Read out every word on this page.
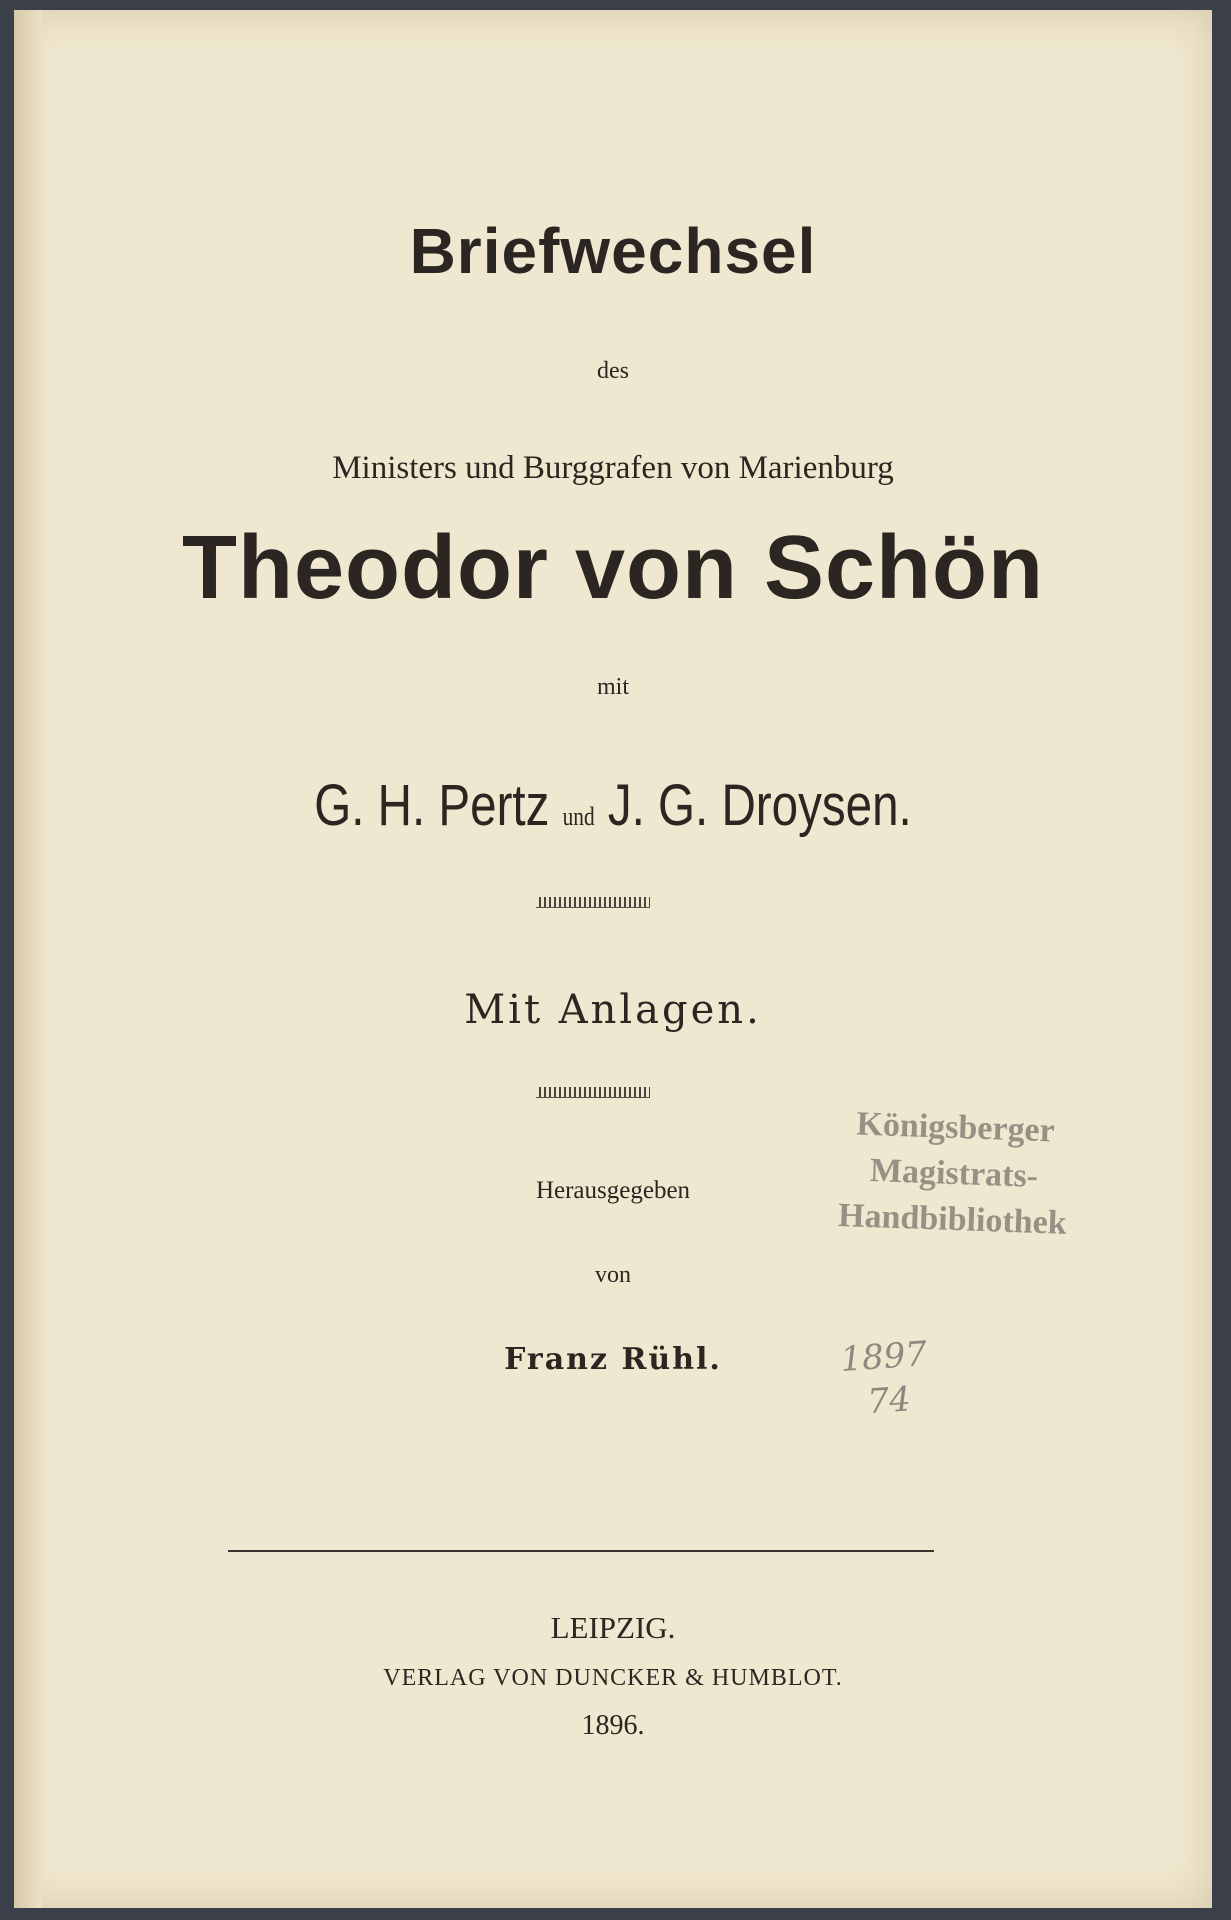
Briefwechsel
des
Ministers und Burggrafen von Marienburg
Theodor von Schön
mit
G. H. Pertz und J. G. Droysen.
Mit Anlagen.
Herausgegeben
von
Franz Rühl.
LEIPZIG.
VERLAG VON DUNCKER & HUMBLOT.
1896.
Königsberger
Magistrats-
Handbibliothek
1897
74
